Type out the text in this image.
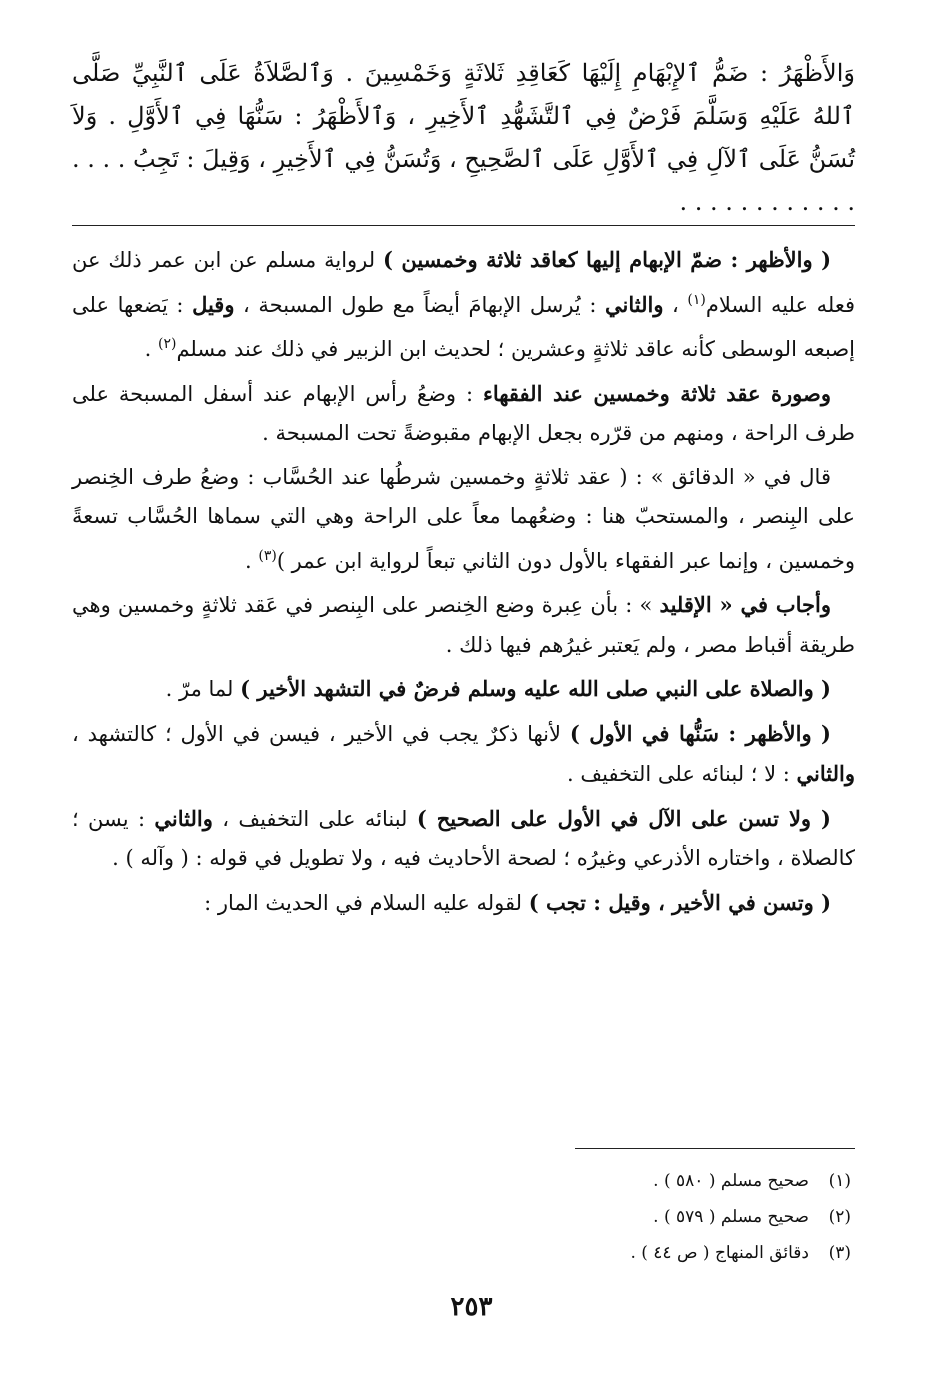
وَالأَظْهَرُ : ضَمُّ ٱلإِبْهَامِ إِلَيْهَا كَعَاقِدِ ثَلاثَةٍ وَخَمْسِينَ . وَٱلصَّلاَةُ عَلَى ٱلنَّبِيِّ صَلَّى ٱللهُ عَلَيْهِ وَسَلَّمَ فَرْضٌ فِي ٱلتَّشَهُّدِ ٱلأَخِيرِ ، وَٱلأَظْهَرُ : سَنُّهَا فِي ٱلأَوَّلِ . وَلاَ تُسَنُّ عَلَى ٱلآلِ فِي ٱلأَوَّلِ عَلَى ٱلصَّحِيحِ ، وَتُسَنُّ فِي ٱلأَخِيرِ ، وَقِيلَ : تَجِبُ . . . . . . . . . . . . . . . .

( والأظهر : ضمّ الإبهام إليها كعاقد ثلاثة وخمسين ) لرواية مسلم عن ابن عمر ذلك عن فعله عليه السلام$^{(١)}$ ، والثاني : يُرسل الإبهامَ أيضاً مع طول المسبحة ، وقيل : يَضعها على إصبعه الوسطى كأنه عاقد ثلاثةٍ وعشرين ؛ لحديث ابن الزبير في ذلك عند مسلم$^{(٢)}$ .

وصورة عقد ثلاثة وخمسين عند الفقهاء : وضعُ رأس الإبهام عند أسفل المسبحة على طرف الراحة ، ومنهم من قرّره بجعل الإبهام مقبوضةً تحت المسبحة .

قال في « الدقائق » : ( عقد ثلاثةٍ وخمسين شرطُها عند الحُسَّاب : وضعُ طرف الخِنصر على البِنصر ، والمستحبّ هنا : وضعُهما معاً على الراحة وهي التي سماها الحُسَّاب تسعةً وخمسين ، وإنما عبر الفقهاء بالأول دون الثاني تبعاً لرواية ابن عمر )$^{(٣)}$ .

وأجاب في « الإقليد » : بأن عِبرة وضع الخِنصر على البِنصر في عَقد ثلاثةٍ وخمسين وهي طريقة أقباط مصر ، ولم يَعتبر غيرُهم فيها ذلك .

( والصلاة على النبي صلى الله عليه وسلم فرضٌ في التشهد الأخير ) لما مرّ .

( والأظهر : سَنُّها في الأول ) لأنها ذكرٌ يجب في الأخير ، فيسن في الأول ؛ كالتشهد ، والثاني : لا ؛ لبنائه على التخفيف .

( ولا تسن على الآل في الأول على الصحيح ) لبنائه على التخفيف ، والثاني : يسن ؛ كالصلاة ، واختاره الأذرعي وغيرُه ؛ لصحة الأحاديث فيه ، ولا تطويل في قوله : ( وآله ) .

( وتسن في الأخير ، وقيل : تجب ) لقوله عليه السلام في الحديث المار :

(١)صحيح مسلم ( ٥٨٠ ) .
(٢)صحيح مسلم ( ٥٧٩ ) .
(٣)دقائق المنهاج ( ص ٤٤ ) .
٢٥٣
